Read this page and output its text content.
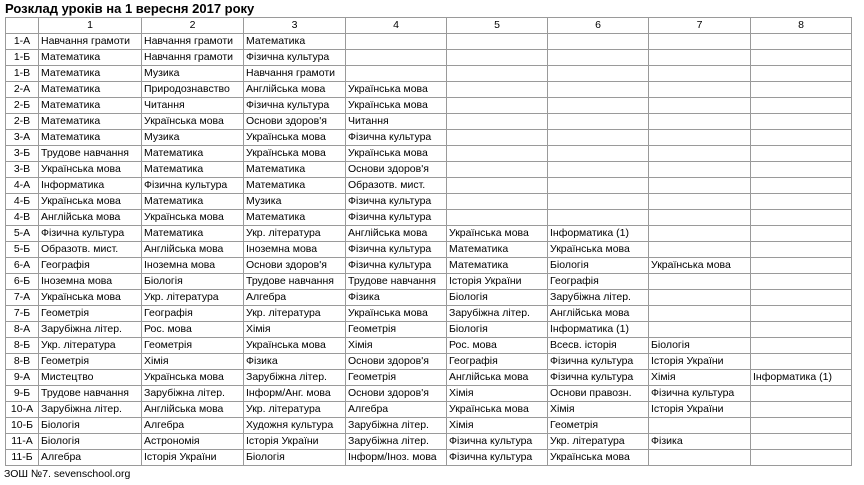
Розклад уроків на 1 вересня 2017 року
	1	2	3	4	5	6	7	8
1-А	Навчання грамоти	Навчання грамоти	Математика					
1-Б	Математика	Навчання грамоти	Фізична культура					
1-В	Математика	Музика	Навчання грамоти					
2-А	Математика	Природознавство	Англійська мова	Українська мова				
2-Б	Математика	Читання	Фізична культура	Українська мова				
2-В	Математика	Українська мова	Основи здоров'я	Читання				
3-А	Математика	Музика	Українська мова	Фізична культура				
3-Б	Трудове навчання	Математика	Українська мова	Українська мова				
3-В	Українська мова	Математика	Математика	Основи здоров'я				
4-А	Інформатика	Фізична культура	Математика	Образотв. мист.				
4-Б	Українська мова	Математика	Музика	Фізична культура				
4-В	Англійська мова	Українська мова	Математика	Фізична культура				
5-А	Фізична культура	Математика	Укр. література	Англійська мова	Українська мова	Інформатика (1)		
5-Б	Образотв. мист.	Англійська мова	Іноземна мова	Фізична культура	Математика	Українська мова		
6-А	Географія	Іноземна мова	Основи здоров'я	Фізична культура	Математика	Біологія	Українська мова	
6-Б	Іноземна мова	Біологія	Трудове навчання	Трудове навчання	Історія України	Географія		
7-А	Українська мова	Укр. література	Алгебра	Фізика	Біологія	Зарубіжна літер.		
7-Б	Геометрія	Географія	Укр. література	Українська мова	Зарубіжна літер.	Англійська мова		
8-А	Зарубіжна літер.	Рос. мова	Хімія	Геометрія	Біологія	Інформатика (1)		
8-Б	Укр. література	Геометрія	Українська мова	Хімія	Рос. мова	Всесв. історія	Біологія	
8-В	Геометрія	Хімія	Фізика	Основи здоров'я	Географія	Фізична культура	Історія України	
9-А	Мистецтво	Українська мова	Зарубіжна літер.	Геометрія	Англійська мова	Фізична культура	Хімія	Інформатика (1)
9-Б	Трудове навчання	Зарубіжна літер.	Інформ/Анг. мова	Основи здоров'я	Хімія	Основи правозн.	Фізична культура	
10-А	Зарубіжна літер.	Англійська мова	Укр. література	Алгебра	Українська мова	Хімія	Історія України	
10-Б	Біологія	Алгебра	Художня культура	Зарубіжна літер.	Хімія	Геометрія		
11-А	Біологія	Астрономія	Історія України	Зарубіжна літер.	Фізична культура	Укр. література	Фізика	
11-Б	Алгебра	Історія України	Біологія	Інформ/Іноз. мова	Фізична культура	Українська мова		
ЗОШ №7. sevenschool.org
